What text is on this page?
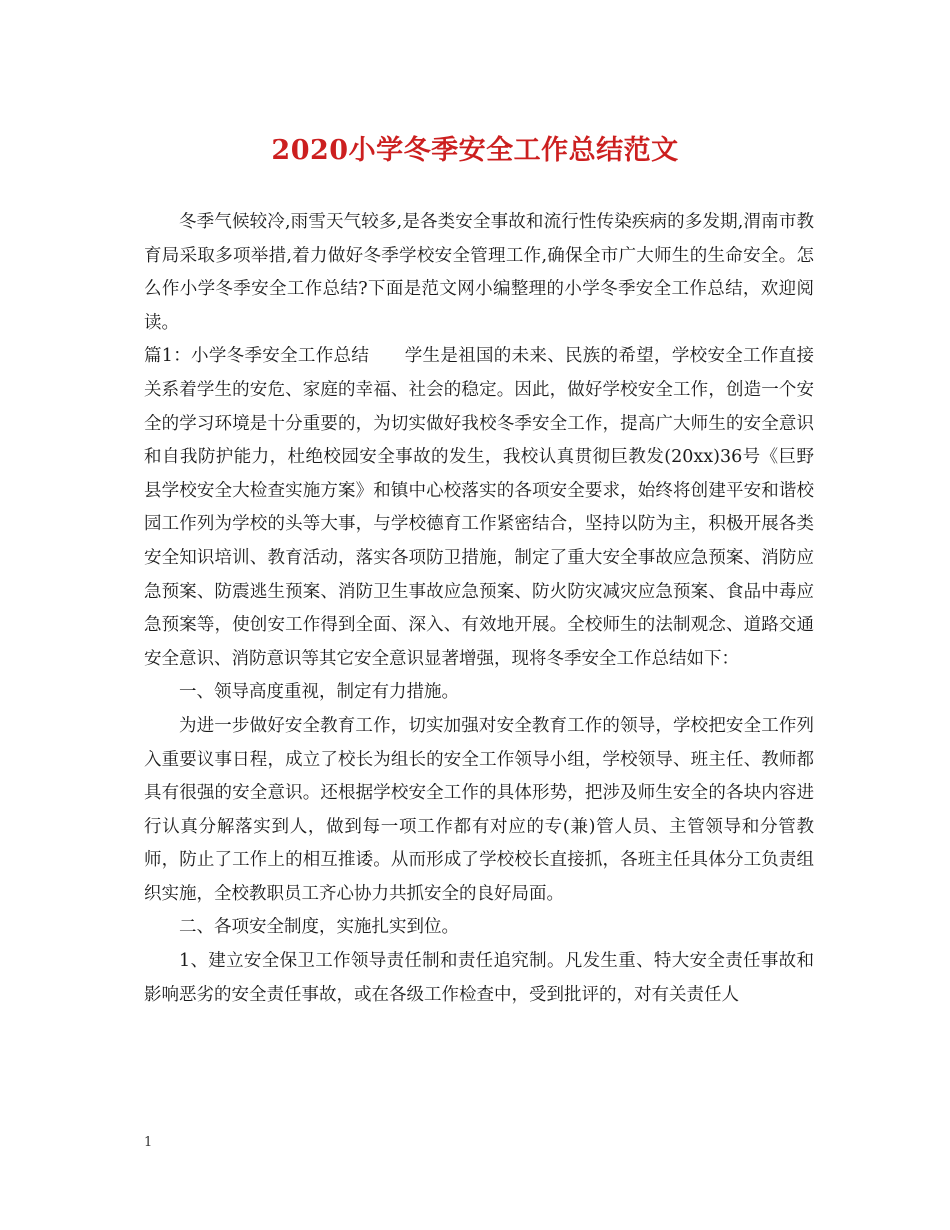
2020小学冬季安全工作总结范文

冬季气候较冷,雨雪天气较多,是各类安全事故和流行性传染疾病的多发期,渭南市教育局采取多项举措,着力做好冬季学校安全管理工作,确保全市广大师生的生命安全。怎么作小学冬季安全工作总结?下面是范文网小编整理的小学冬季安全工作总结，欢迎阅读。

篇1：小学冬季安全工作总结　　学生是祖国的未来、民族的希望，学校安全工作直接关系着学生的安危、家庭的幸福、社会的稳定。因此，做好学校安全工作，创造一个安全的学习环境是十分重要的，为切实做好我校冬季安全工作，提高广大师生的安全意识和自我防护能力，杜绝校园安全事故的发生，我校认真贯彻巨教发(20xx)36号《巨野县学校安全大检查实施方案》和镇中心校落实的各项安全要求，始终将创建平安和谐校园工作列为学校的头等大事，与学校德育工作紧密结合，坚持以防为主，积极开展各类安全知识培训、教育活动，落实各项防卫措施，制定了重大安全事故应急预案、消防应急预案、防震逃生预案、消防卫生事故应急预案、防火防灾减灾应急预案、食品中毒应急预案等，使创安工作得到全面、深入、有效地开展。全校师生的法制观念、道路交通安全意识、消防意识等其它安全意识显著增强，现将冬季安全工作总结如下：

一、领导高度重视，制定有力措施。

为进一步做好安全教育工作，切实加强对安全教育工作的领导，学校把安全工作列入重要议事日程，成立了校长为组长的安全工作领导小组，学校领导、班主任、教师都具有很强的安全意识。还根据学校安全工作的具体形势，把涉及师生安全的各块内容进行认真分解落实到人，做到每一项工作都有对应的专(兼)管人员、主管领导和分管教师，防止了工作上的相互推诿。从而形成了学校校长直接抓，各班主任具体分工负责组织实施，全校教职员工齐心协力共抓安全的良好局面。

二、各项安全制度，实施扎实到位。

1、建立安全保卫工作领导责任制和责任追究制。凡发生重、特大安全责任事故和影响恶劣的安全责任事故，或在各级工作检查中，受到批评的，对有关责任人

1
